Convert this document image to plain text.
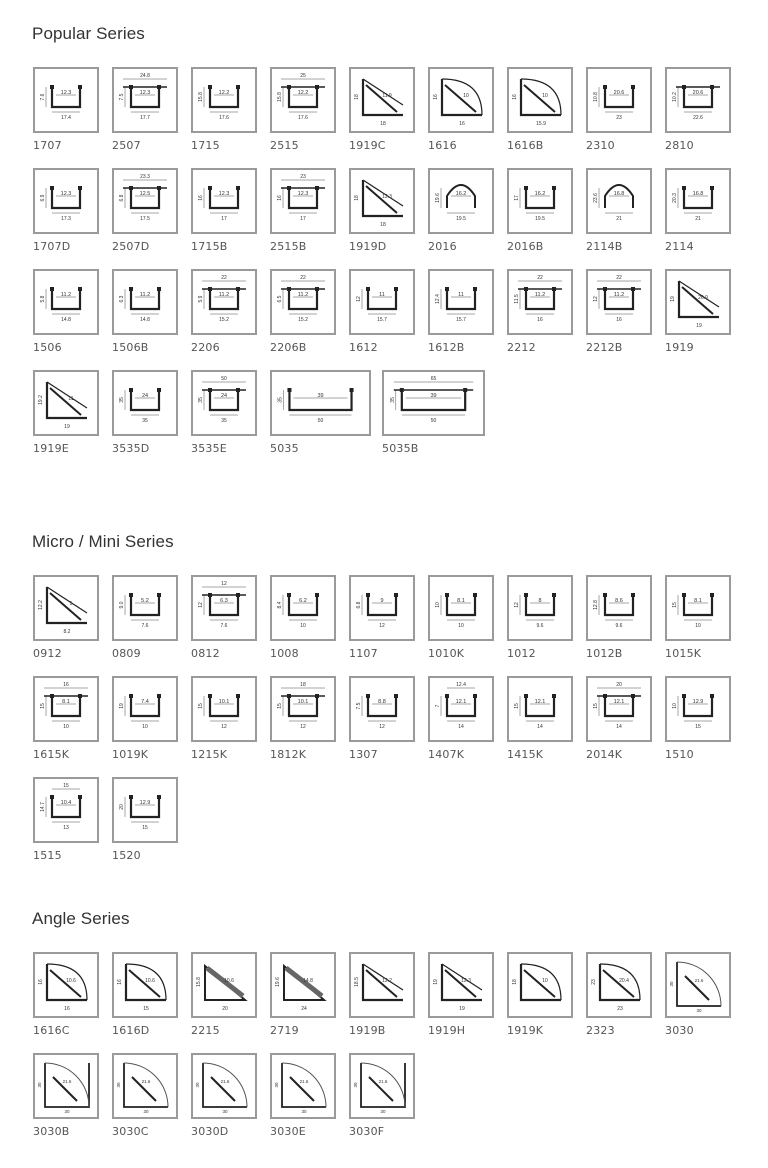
Popular Series
Micro / Mini Series
Angle Series
12.3
17.4
7.6
1707
24.8
12.3
17.7
7.5
2507
12.2
17.6
15.8
1715
25
12.2
17.6
15.8
2515
11.9
18
18
1919C
10
16
16
1616
10
15.9
16
1616B
20.6
23
10.8
2310
20.6
22.6
10.2
2810
12.3
17.3
6.9
1707D
23.3
12.5
17.5
6.8
2507D
12.3
17
16
1715B
23
12.3
17
16
2515B
12.3
18
18
1919D
16.2
19.5
19.6
2016
16.2
19.5
17
2016B
16.8
21
23.6
2114B
16.8
21
20.3
2114
11.2
14.8
5.8
1506
11.2
14.8
6.3
1506B
22
11.2
15.2
5.9
2206
22
11.2
15.2
6.5
2206B
11
15.7
12
1612
11
15.7
12.4
1612B
22
11.2
16
11.5
2212
22
11.2
16
12
2212B
26.9
19
19
1919
11
19
19.2
1919E
24
35
35
3535D
50
24
35
35
3535E
39
50
35
5035
65
39
50
35
5035B
5
8.2
12.2
0912
5.2
7.6
9.0
0809
12
6.3
7.6
12
0812
6.2
10
8.4
1008
9
12
6.8
1107
8.1
10
10
1010K
8
9.6
12
1012
8.6
9.6
12.8
1012B
8.1
10
15
1015K
16
8.1
10
15
1615K
7.4
10
19
1019K
10.1
12
15
1215K
18
10.1
12
15
1812K
8.8
12
7.5
1307
12.4
12.1
14
7
1407K
12.1
14
15
1415K
20
12.1
14
15
2014K
12.9
15
10
1510
15
10.4
13
14.7
1515
12.9
15
20
1520
10.6
16
16
1616C
10.6
15
16
1616D
10.6
20
15.8
2215
14.8
24
19.6
2719
12.2
18.5
1919B
12.3
19
19
1919H
10
18
1919K
20.4
23
23
2323
21.6
30
30
3030
21.6
30
30
3030B
21.6
30
30
3030C
21.6
30
30
3030D
21.6
30
30
3030E
21.6
30
30
3030F
